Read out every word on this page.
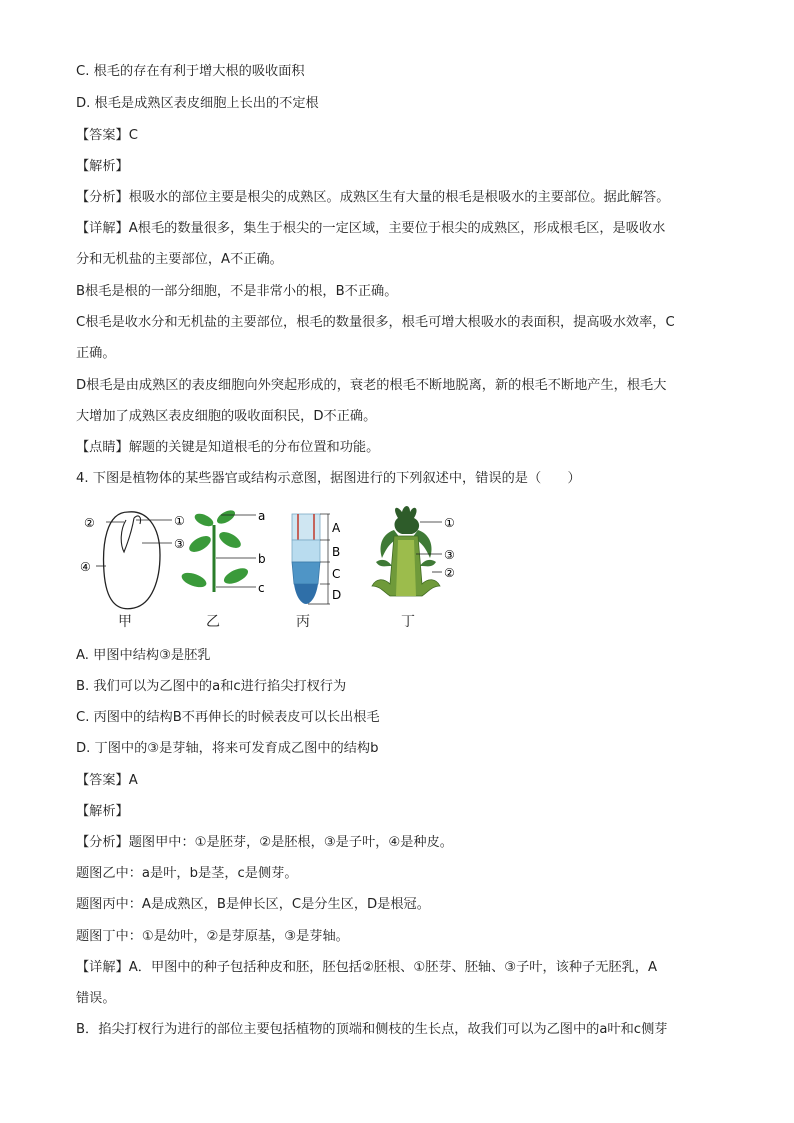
C. 根毛的存在有利于增大根的吸收面积
D. 根毛是成熟区表皮细胞上长出的不定根
【答案】C
【解析】
【分析】根吸水的部位主要是根尖的成熟区。成熟区生有大量的根毛是根吸水的主要部位。据此解答。
【详解】A根毛的数量很多，集生于根尖的一定区域，主要位于根尖的成熟区，形成根毛区，是吸收水
分和无机盐的主要部位，A不正确。
B根毛是根的一部分细胞，不是非常小的根，B不正确。
C根毛是收水分和无机盐的主要部位，根毛的数量很多，根毛可增大根吸水的表面积，提高吸水效率，C
正确。
D根毛是由成熟区的表皮细胞向外突起形成的，衰老的根毛不断地脱离，新的根毛不断地产生，根毛大
大增加了成熟区表皮细胞的吸收面积民，D不正确。
【点睛】解题的关键是知道根毛的分布位置和功能。
4. 下图是植物体的某些器官或结构示意图，据图进行的下列叙述中，错误的是（　　）
②	①
③
④
a
b
c
A
B
C
D
①
③
②
甲	乙	丙	丁
A. 甲图中结构③是胚乳
B. 我们可以为乙图中的a和c进行掐尖打杈行为
C. 丙图中的结构B不再伸长的时候表皮可以长出根毛
D. 丁图中的③是芽轴，将来可发育成乙图中的结构b
【答案】A
【解析】
【分析】题图甲中：①是胚芽，②是胚根，③是子叶，④是种皮。
题图乙中：a是叶，b是茎，c是侧芽。
题图丙中：A是成熟区，B是伸长区，C是分生区，D是根冠。
题图丁中：①是幼叶，②是芽原基，③是芽轴。
【详解】A．甲图中的种子包括种皮和胚，胚包括②胚根、①胚芽、胚轴、③子叶，该种子无胚乳，A
错误。
B．掐尖打杈行为进行的部位主要包括植物的顶端和侧枝的生长点，故我们可以为乙图中的a叶和c侧芽
